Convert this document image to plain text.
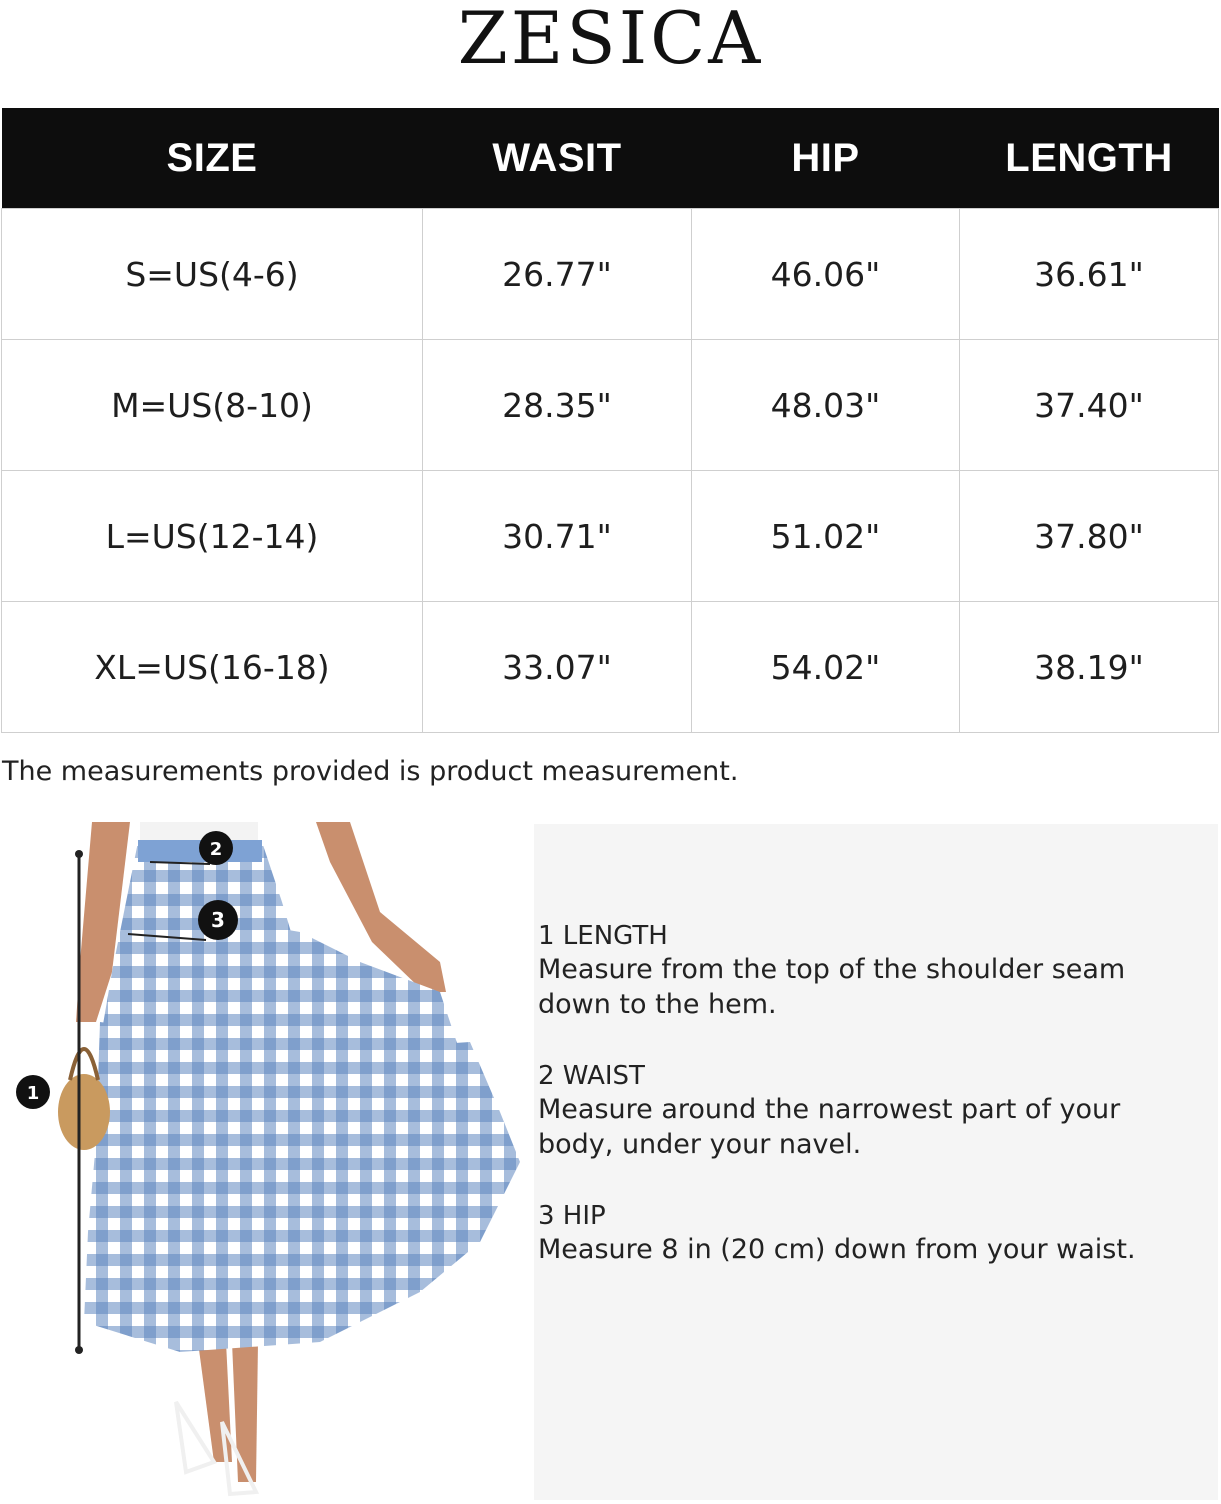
ZESICA
SIZE	WASIT	HIP	LENGTH
S=US(4-6)	26.77"	46.06"	36.61"
M=US(8-10)	28.35"	48.03"	37.40"
L=US(12-14)	30.71"	51.02"	37.80"
XL=US(16-18)	33.07"	54.02"	38.19"
The measurements provided is product measurement.
1
2
3
1 LENGTH
Measure from the top of the shoulder seam down to the hem.
2 WAIST
Measure around the narrowest part of your body, under your navel.
3 HIP
Measure 8 in (20 cm) down from your waist.
